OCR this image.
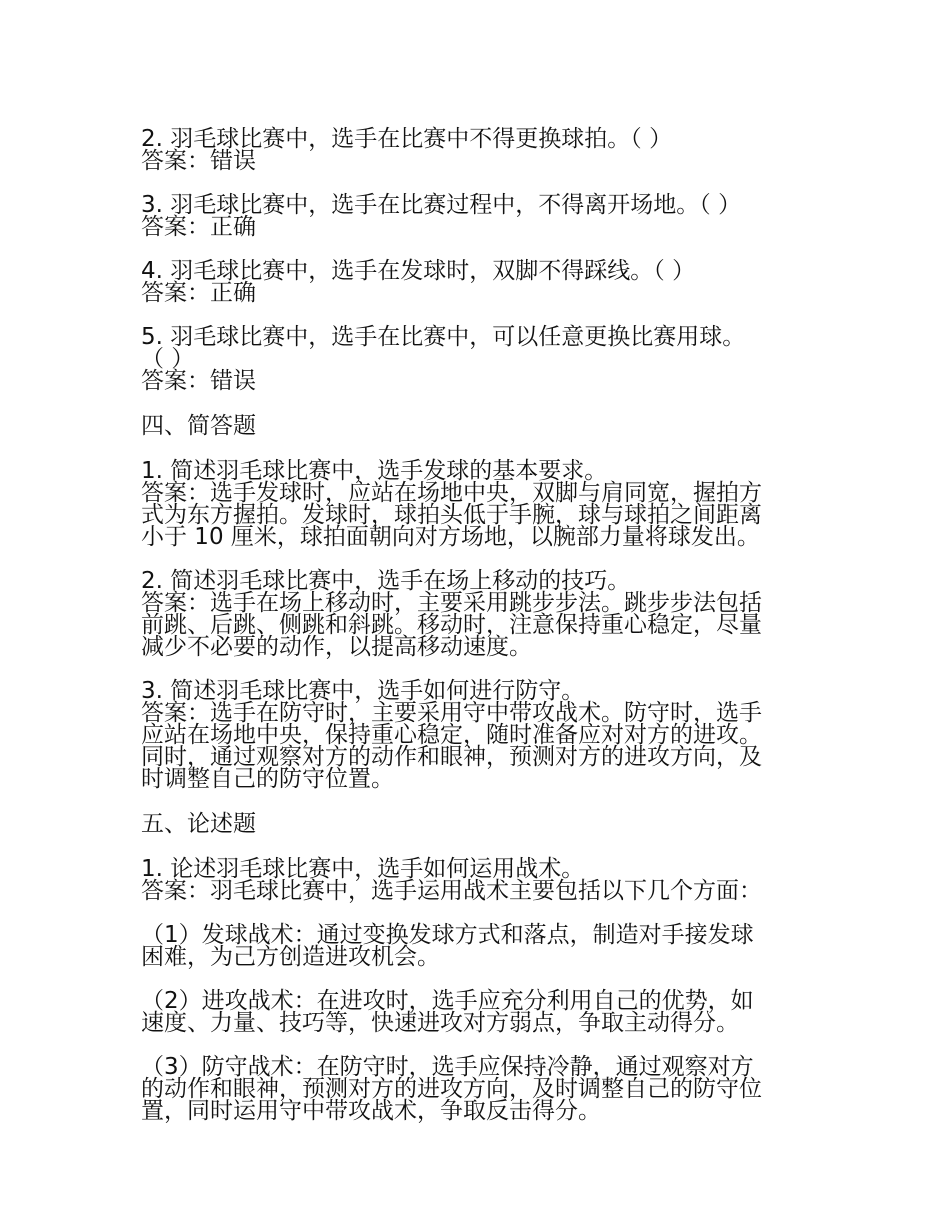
2. 羽毛球比赛中，选手在比赛中不得更换球拍。（ ）
答案：错误
3. 羽毛球比赛中，选手在比赛过程中，不得离开场地。（ ）
答案：正确
4. 羽毛球比赛中，选手在发球时，双脚不得踩线。（ ）
答案：正确
5. 羽毛球比赛中，选手在比赛中，可以任意更换比赛用球。
（ ）
答案：错误
四、简答题
1. 简述羽毛球比赛中，选手发球的基本要求。
答案：选手发球时，应站在场地中央，双脚与肩同宽，握拍方
式为东方握拍。发球时，球拍头低于手腕，球与球拍之间距离
小于 10 厘米，球拍面朝向对方场地，以腕部力量将球发出。
2. 简述羽毛球比赛中，选手在场上移动的技巧。
答案：选手在场上移动时，主要采用跳步步法。跳步步法包括
前跳、后跳、侧跳和斜跳。移动时，注意保持重心稳定，尽量
减少不必要的动作，以提高移动速度。
3. 简述羽毛球比赛中，选手如何进行防守。
答案：选手在防守时，主要采用守中带攻战术。防守时，选手
应站在场地中央，保持重心稳定，随时准备应对对方的进攻。
同时，通过观察对方的动作和眼神，预测对方的进攻方向，及
时调整自己的防守位置。
五、论述题
1. 论述羽毛球比赛中，选手如何运用战术。
答案：羽毛球比赛中，选手运用战术主要包括以下几个方面：
（1）发球战术：通过变换发球方式和落点，制造对手接发球
困难，为己方创造进攻机会。
（2）进攻战术：在进攻时，选手应充分利用自己的优势，如
速度、力量、技巧等，快速进攻对方弱点，争取主动得分。
（3）防守战术：在防守时，选手应保持冷静，通过观察对方
的动作和眼神，预测对方的进攻方向，及时调整自己的防守位
置，同时运用守中带攻战术，争取反击得分。
